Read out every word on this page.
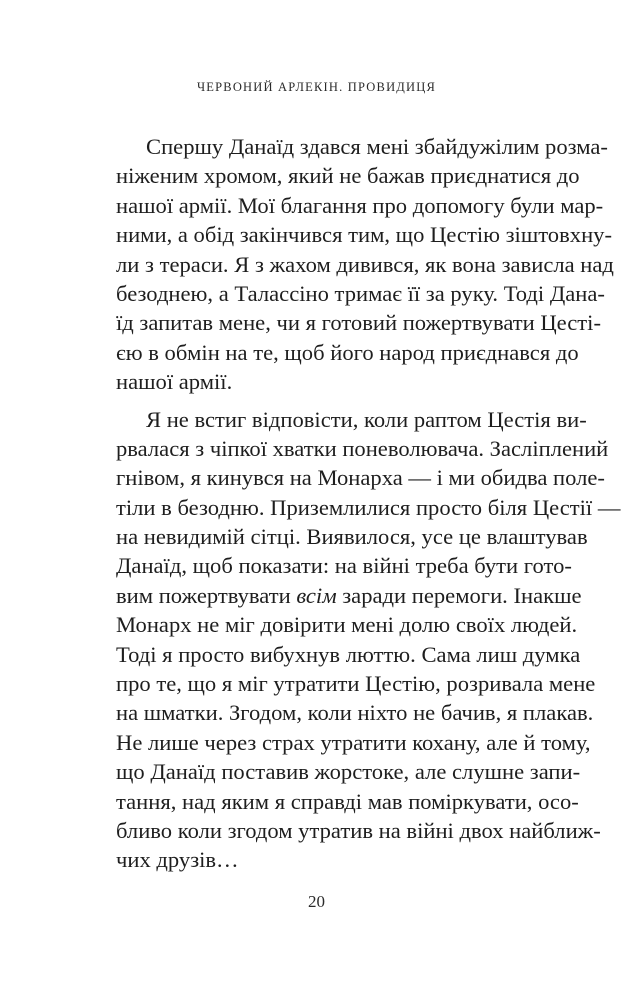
ЧЕРВОНИЙ АРЛЕКІН. ПРОВИДИЦЯ
Спершу Данаїд здався мені збайдужілим розма-
ніженим хромом, який не бажав приєднатися до
нашої армії. Мої благання про допомогу були мар-
ними, а обід закінчився тим, що Цестію зіштовхну-
ли з тераси. Я з жахом дивився, як вона зависла над
безоднею, а Талассіно тримає її за руку. Тоді Дана-
їд запитав мене, чи я готовий пожертвувати Цесті-
єю в обмін на те, щоб його народ приєднався до
нашої армії.
Я не встиг відповісти, коли раптом Цестія ви-
рвалася з чіпкої хватки поневолювача. Засліплений
гнівом, я кинувся на Монарха — і ми обидва поле-
тіли в безодню. Приземлилися просто біля Цестії —
на невидимій сітці. Виявилося, усе це влаштував
Данаїд, щоб показати: на війні треба бути гото-
вим пожертвувати всім заради перемоги. Інакше
Монарх не міг довірити мені долю своїх людей.
Тоді я просто вибухнув люттю. Сама лиш думка
про те, що я міг утратити Цестію, розривала мене
на шматки. Згодом, коли ніхто не бачив, я плакав.
Не лише через страх утратити кохану, але й тому,
що Данаїд поставив жорстоке, але слушне запи-
тання, над яким я справді мав поміркувати, осо-
бливо коли згодом утратив на війні двох найближ-
чих друзів…
20
